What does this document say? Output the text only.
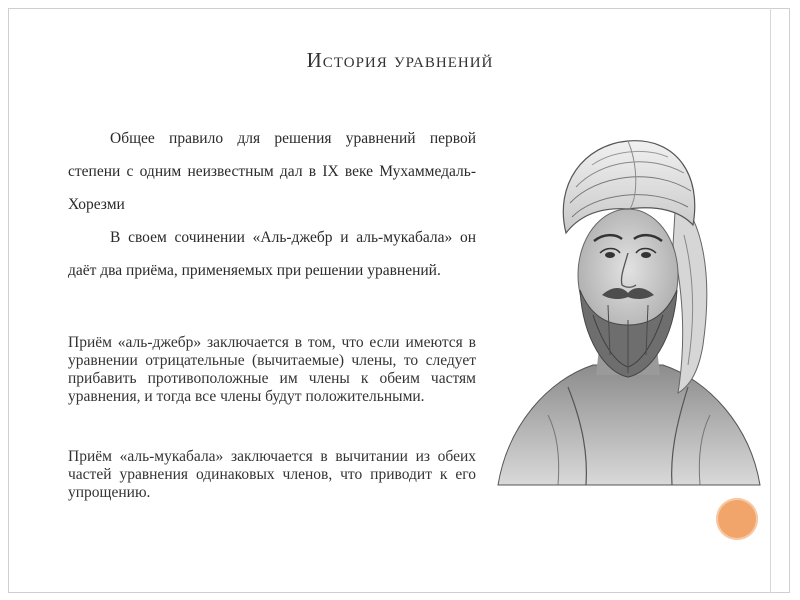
История уравнений

Общее правило для решения уравнений первой степени с одним неизвестным дал в IX веке Мухаммедаль-Хорезми

В своем сочинении «Аль-джебр и аль-мукабала» он даёт два приёма, применяемых при решении уравнений.

Приём «аль-джебр» заключается в том, что если имеются в уравнении отрицательные (вычитаемые) члены, то следует прибавить противоположные им члены к обеим частям уравнения, и тогда все члены будут положительными.

Приём «аль-мукабала» заключается в вычитании из обеих частей уравнения одинаковых членов, что приводит к его упрощению.
